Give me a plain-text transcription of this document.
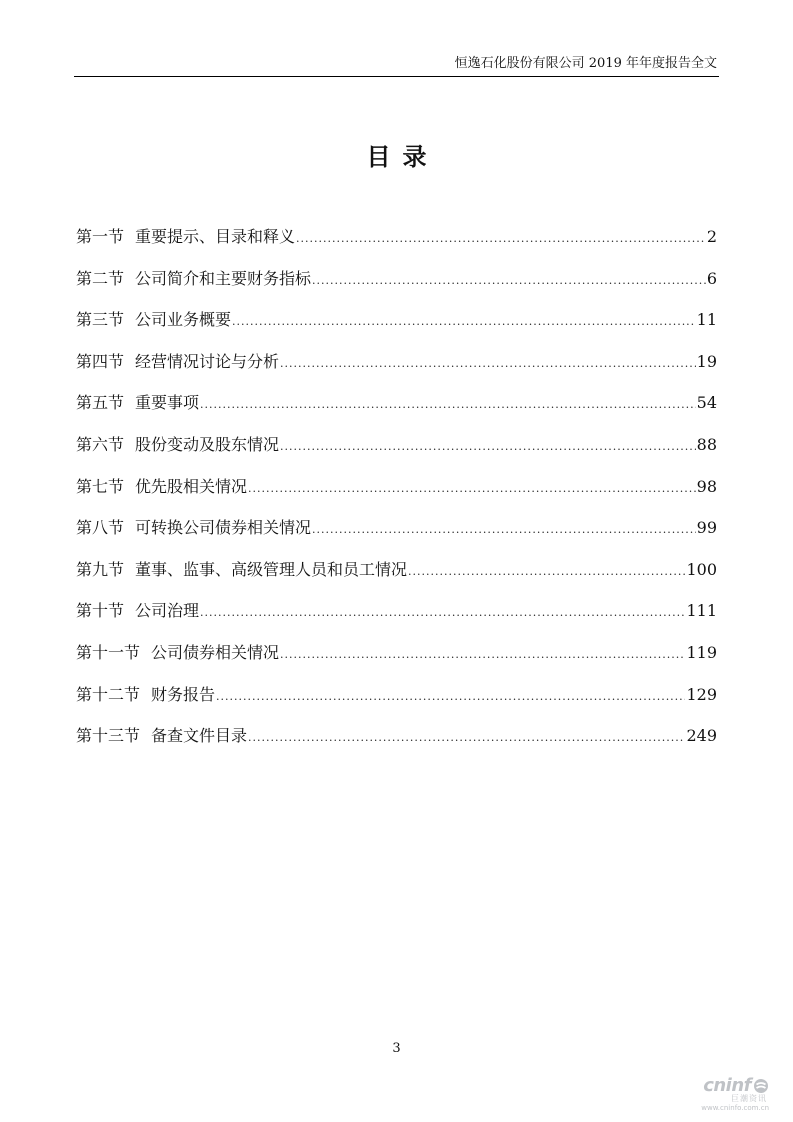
恒逸石化股份有限公司 2019 年年度报告全文
目录
第一节 重要提示、目录和释义 .....	2
第二节 公司简介和主要财务指标 .....	6
第三节 公司业务概要 .....	11
第四节 经营情况讨论与分析 .....	19
第五节 重要事项 .....	54
第六节 股份变动及股东情况 .....	88
第七节 优先股相关情况 .....	98
第八节 可转换公司债券相关情况 .....	99
第九节 董事、监事、高级管理人员和员工情况 .....	100
第十节 公司治理 .....	111
第十一节 公司债券相关情况 .....	119
第十二节 财务报告 .....	129
第十三节 备查文件目录 .....	249
3
cninf
巨潮资讯
www.cninfo.com.cn
